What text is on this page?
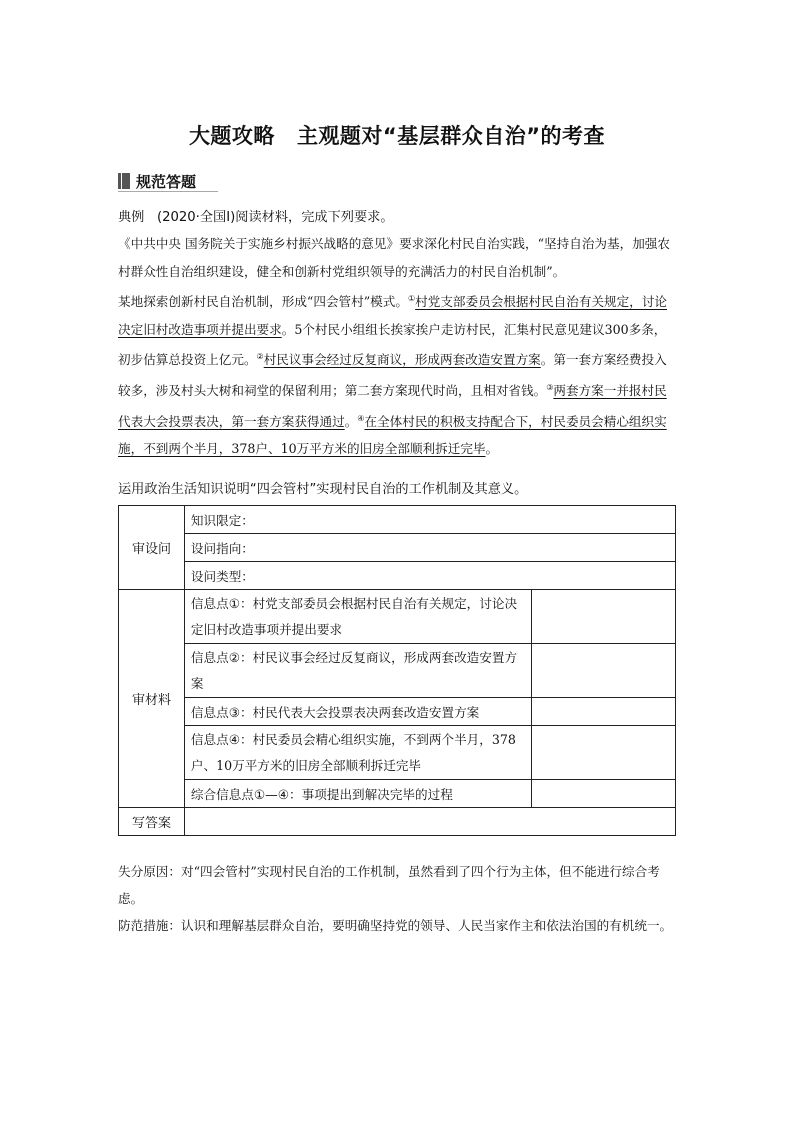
大题攻略 主观题对“基层群众自治”的考查
规范答题
典例 (2020·全国Ⅰ)阅读材料，完成下列要求。
《中共中央 国务院关于实施乡村振兴战略的意见》要求深化村民自治实践，“坚持自治为基，加强农村群众性自治组织建设，健全和创新村党组织领导的充满活力的村民自治机制”。
某地探索创新村民自治机制，形成“四会管村”模式。①村党支部委员会根据村民自治有关规定，讨论决定旧村改造事项并提出要求。5个村民小组组长挨家挨户走访村民，汇集村民意见建议300多条，初步估算总投资上亿元。②村民议事会经过反复商议，形成两套改造安置方案。第一套方案经费投入较多，涉及村头大树和祠堂的保留利用；第二套方案现代时尚，且相对省钱。③两套方案一并报村民代表大会投票表决，第一套方案获得通过。④在全体村民的积极支持配合下，村民委员会精心组织实施，不到两个半月，378户、10万平方米的旧房全部顺利拆迁完毕。
运用政治生活知识说明“四会管村”实现村民自治的工作机制及其意义。
审设问	知识限定：	
	设问指向：	
	设问类型：	
审材料	信息点①：村党支部委员会根据村民自治有关规定，讨论决定旧村改造事项并提出要求	
	信息点②：村民议事会经过反复商议，形成两套改造安置方案	
	信息点③：村民代表大会投票表决两套改造安置方案	
	信息点④：村民委员会精心组织实施，不到两个半月，378户、10万平方米的旧房全部顺利拆迁完毕	
	综合信息点①—④：事项提出到解决完毕的过程	
写答案		
失分原因：对“四会管村”实现村民自治的工作机制，虽然看到了四个行为主体，但不能进行综合考虑。
防范措施：认识和理解基层群众自治，要明确坚持党的领导、人民当家作主和依法治国的有机统一。
